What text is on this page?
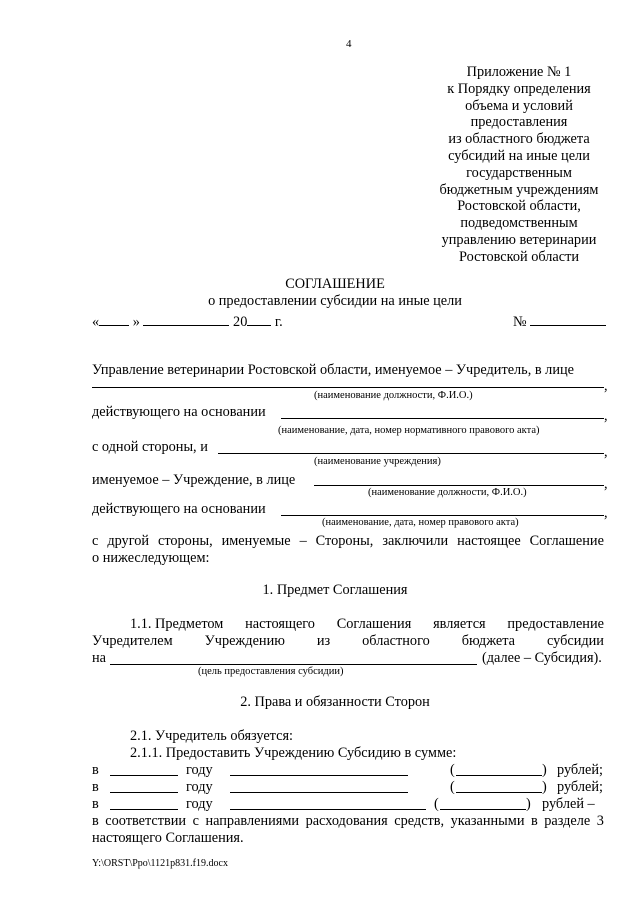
4
Приложение № 1
к Порядку определения
объема и условий
предоставления
из областного бюджета
субсидий на иные цели
государственным
бюджетным учреждениям
Ростовской области,
подведомственным
управлению ветеринарии
Ростовской области
СОГЛАШЕНИЕ
о предоставлении субсидии на иные цели
« »	20 г.	№
Управление ветеринарии Ростовской области, именуемое – Учредитель, в лице
,
(наименование должности, Ф.И.О.)
действующего на основании	,
(наименование, дата, номер нормативного правового акта)
с одной стороны, и	,
(наименование учреждения)
именуемое – Учреждение, в лице	,
(наименование должности, Ф.И.О.)
действующего на основании	,
(наименование, дата, номер правового акта)
с другой стороны, именуемые – Стороны, заключили настоящее Соглашение
о нижеследующем:
1. Предмет Соглашения
1.1. Предметом настоящего Соглашения является предоставление
Учредителем Учреждению из областного бюджета субсидии
на	(далее – Субсидия).
(цель предоставления субсидии)
2. Права и обязанности Сторон
2.1. Учредитель обязуется:
2.1.1. Предоставить Учреждению Субсидию в сумме:
в	году	(	) рублей;
в	году	(	) рублей;
в	году	(	) рублей –
в соответствии с направлениями расходования средств, указанными в разделе 3
настоящего Соглашения.
Y:\ORST\Ppo\1121p831.f19.docx
